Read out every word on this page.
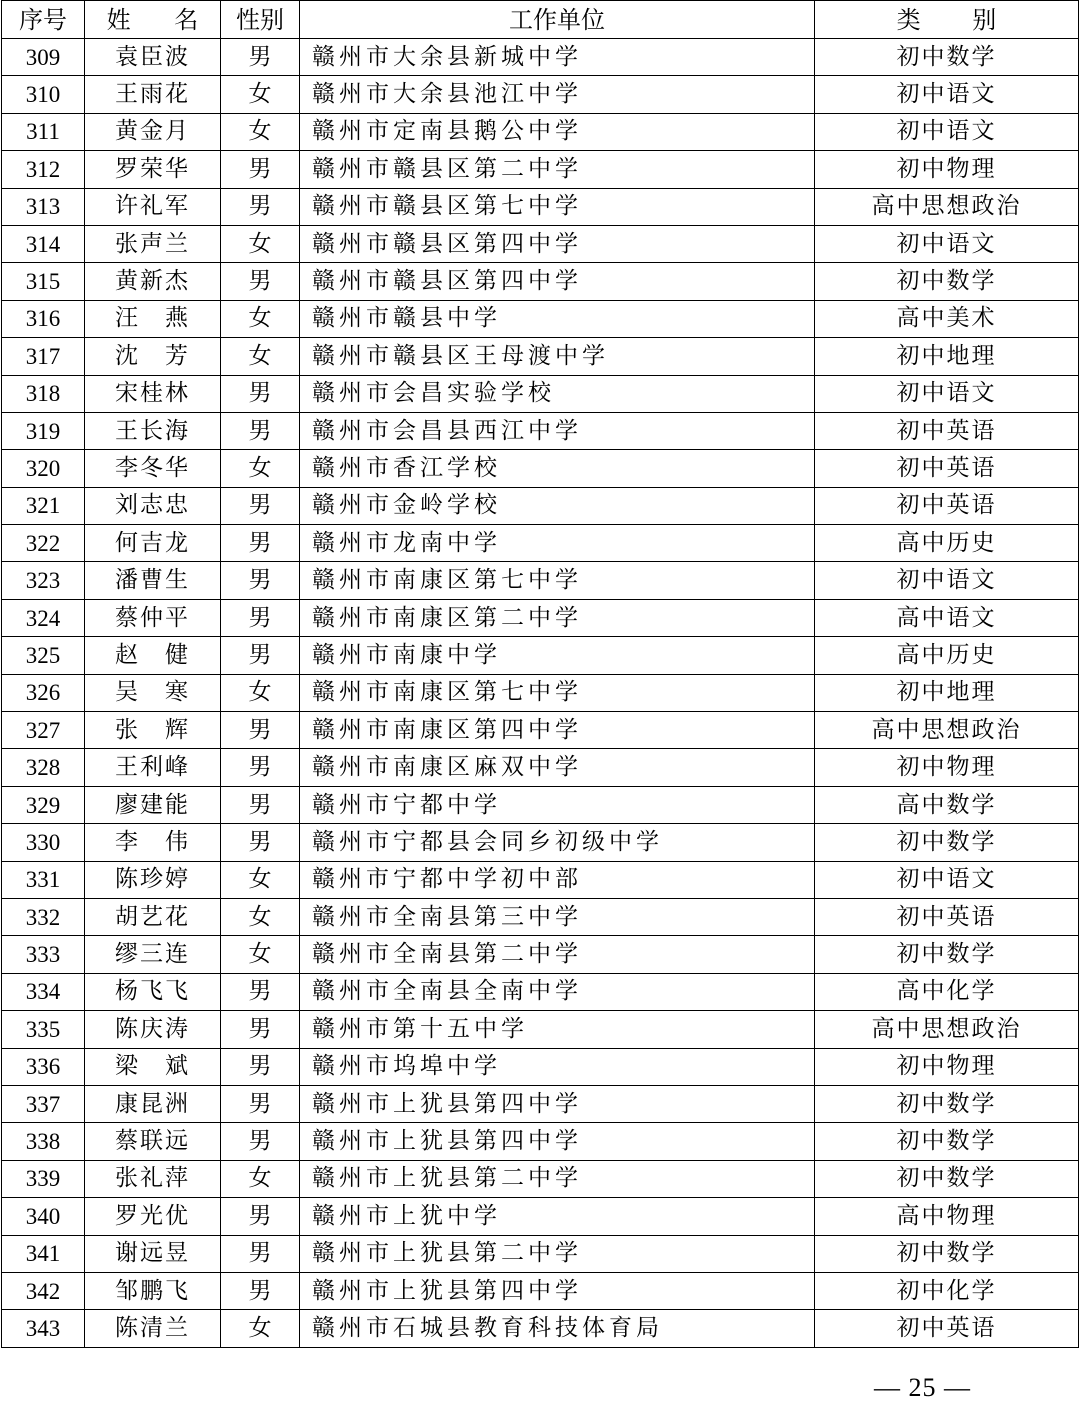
序号	姓 名	性别	工作单位	类 别
309	袁臣波	男	赣州市大余县新城中学	初中数学
310	王雨花	女	赣州市大余县池江中学	初中语文
311	黄金月	女	赣州市定南县鹅公中学	初中语文
312	罗荣华	男	赣州市赣县区第二中学	初中物理
313	许礼军	男	赣州市赣县区第七中学	高中思想政治
314	张声兰	女	赣州市赣县区第四中学	初中语文
315	黄新杰	男	赣州市赣县区第四中学	初中数学
316	汪　燕	女	赣州市赣县中学	高中美术
317	沈　芳	女	赣州市赣县区王母渡中学	初中地理
318	宋桂林	男	赣州市会昌实验学校	初中语文
319	王长海	男	赣州市会昌县西江中学	初中英语
320	李冬华	女	赣州市香江学校	初中英语
321	刘志忠	男	赣州市金岭学校	初中英语
322	何吉龙	男	赣州市龙南中学	高中历史
323	潘曹生	男	赣州市南康区第七中学	初中语文
324	蔡仲平	男	赣州市南康区第二中学	高中语文
325	赵　健	男	赣州市南康中学	高中历史
326	吴　寒	女	赣州市南康区第七中学	初中地理
327	张　辉	男	赣州市南康区第四中学	高中思想政治
328	王利峰	男	赣州市南康区麻双中学	初中物理
329	廖建能	男	赣州市宁都中学	高中数学
330	李　伟	男	赣州市宁都县会同乡初级中学	初中数学
331	陈珍婷	女	赣州市宁都中学初中部	初中语文
332	胡艺花	女	赣州市全南县第三中学	初中英语
333	缪三连	女	赣州市全南县第二中学	初中数学
334	杨飞飞	男	赣州市全南县全南中学	高中化学
335	陈庆涛	男	赣州市第十五中学	高中思想政治
336	梁　斌	男	赣州市坞埠中学	初中物理
337	康昆洲	男	赣州市上犹县第四中学	初中数学
338	蔡联远	男	赣州市上犹县第四中学	初中数学
339	张礼萍	女	赣州市上犹县第二中学	初中数学
340	罗光优	男	赣州市上犹中学	高中物理
341	谢远昱	男	赣州市上犹县第二中学	初中数学
342	邹鹏飞	男	赣州市上犹县第四中学	初中化学
343	陈清兰	女	赣州市石城县教育科技体育局	初中英语
— 25 —
